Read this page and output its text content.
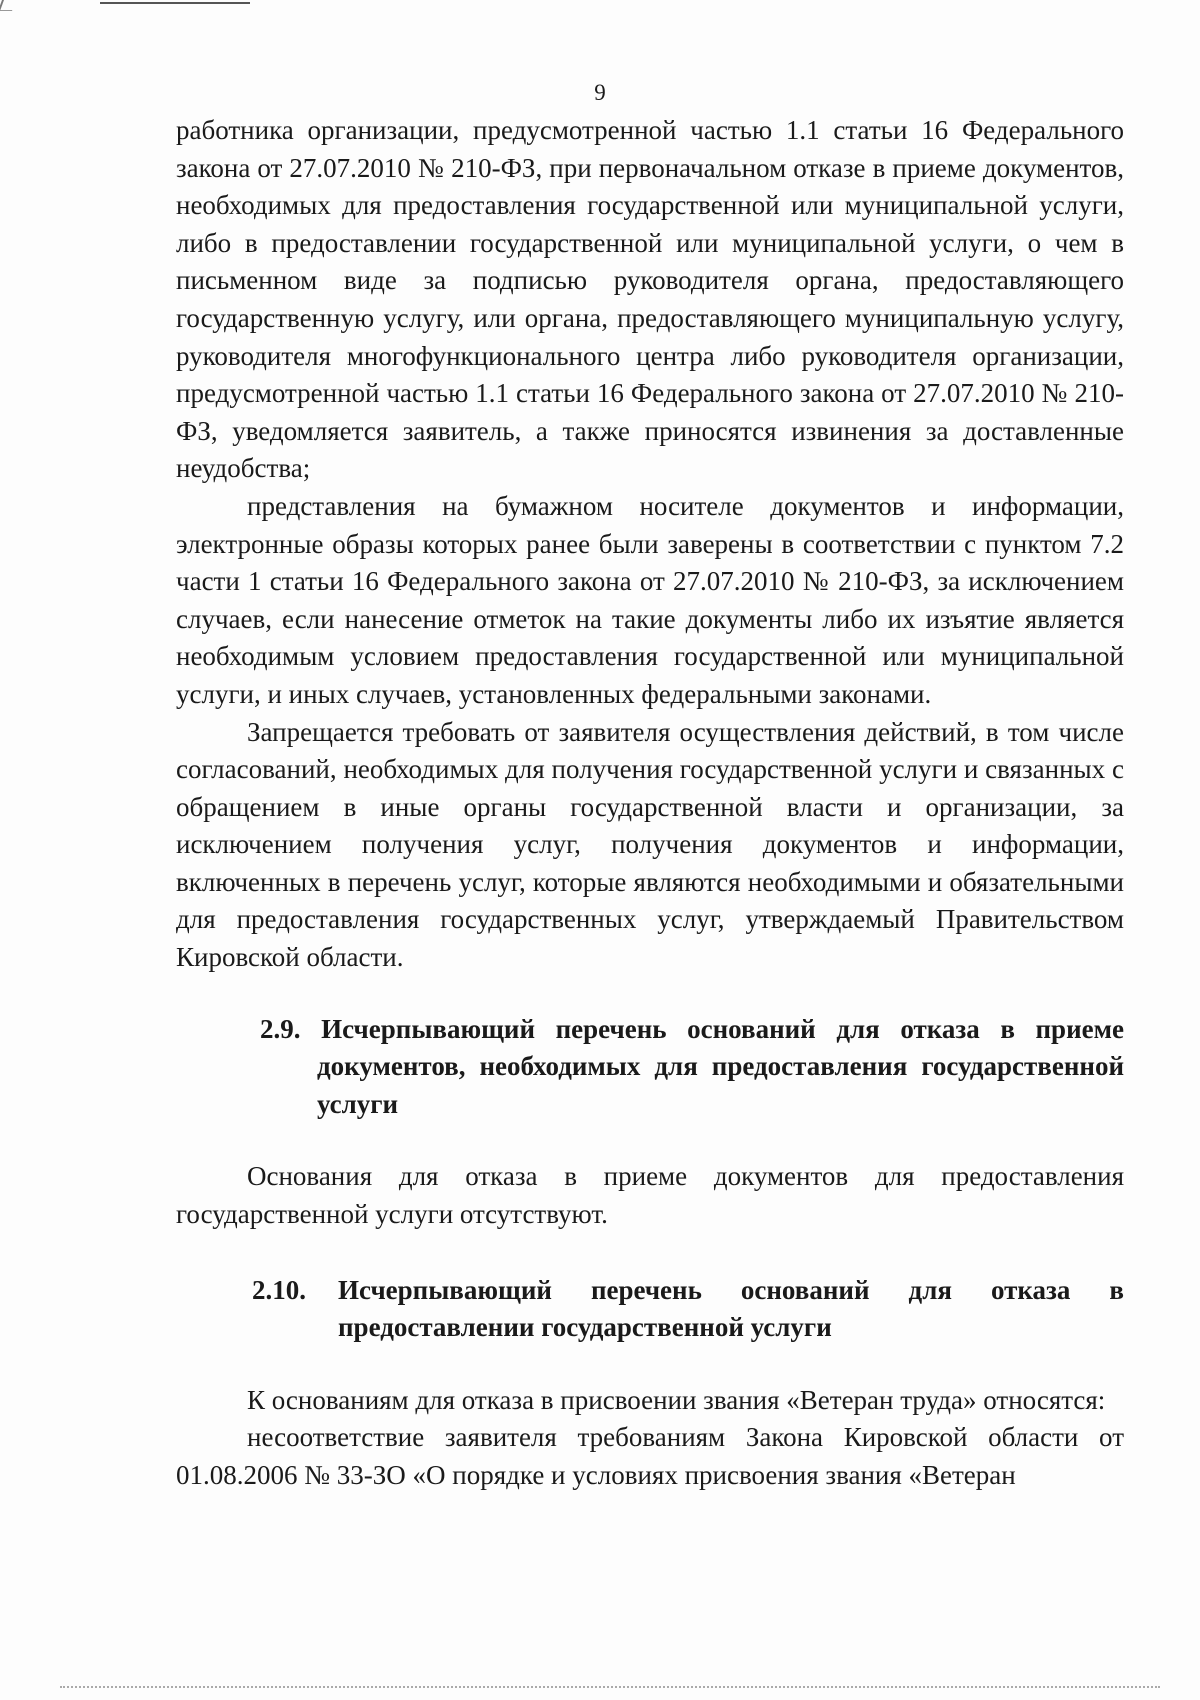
9

работника организации, предусмотренной частью 1.1 статьи 16 Федерального закона от 27.07.2010 № 210-ФЗ, при первоначальном отказе в приеме документов, необходимых для предоставления государственной или муниципальной услуги, либо в предоставлении государственной или муниципальной услуги, о чем в письменном виде за подписью руководителя органа, предоставляющего государственную услугу, или органа, предоставляющего муниципальную услугу, руководителя многофункционального центра либо руководителя организации, предусмотренной частью 1.1 статьи 16 Федерального закона от 27.07.2010 № 210-ФЗ, уведомляется заявитель, а также приносятся извинения за доставленные неудобства;

представления на бумажном носителе документов и информации, электронные образы которых ранее были заверены в соответствии с пунктом 7.2 части 1 статьи 16 Федерального закона от 27.07.2010 № 210-ФЗ, за исключением случаев, если нанесение отметок на такие документы либо их изъятие является необходимым условием предоставления государственной или муниципальной услуги, и иных случаев, установленных федеральными законами.

Запрещается требовать от заявителя осуществления действий, в том числе согласований, необходимых для получения государственной услуги и связанных с обращением в иные органы государственной власти и организации, за исключением получения услуг, получения документов и информации, включенных в перечень услуг, которые являются необходимыми и обязательными для предоставления государственных услуг, утверждаемый Правительством Кировской области.

2.9. Исчерпывающий перечень оснований для отказа в приеме документов, необходимых для предоставления государственной услуги

Основания для отказа в приеме документов для предоставления государственной услуги отсутствуют.

2.10. Исчерпывающий перечень оснований для отказа в предоставлении государственной услуги

К основаниям для отказа в присвоении звания «Ветеран труда» относятся:

несоответствие заявителя требованиям Закона Кировской области от 01.08.2006 № 33-ЗО «О порядке и условиях присвоения звания «Ветеран
